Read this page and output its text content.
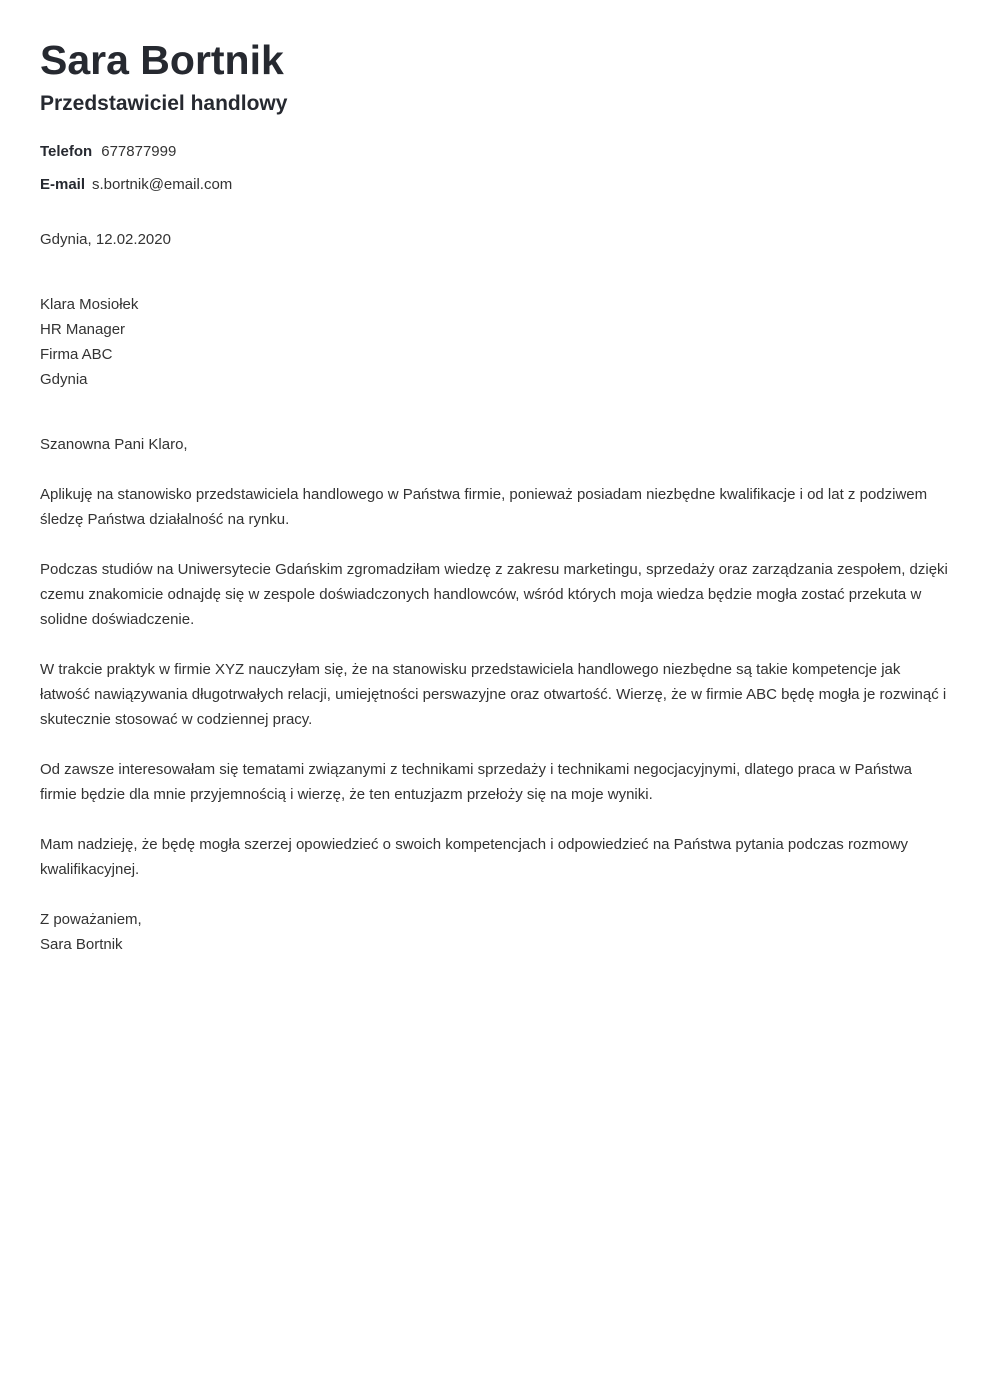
Sara Bortnik
Przedstawiciel handlowy
Telefon 677877999
E-mail s.bortnik@email.com
Gdynia, 12.02.2020
Klara Mosiołek
HR Manager
Firma ABC
Gdynia

Szanowna Pani Klaro,

Aplikuję na stanowisko przedstawiciela handlowego w Państwa firmie, ponieważ posiadam niezbędne kwalifikacje i od lat z podziwem śledzę Państwa działalność na rynku.

Podczas studiów na Uniwersytecie Gdańskim zgromadziłam wiedzę z zakresu marketingu, sprzedaży oraz zarządzania zespołem, dzięki czemu znakomicie odnajdę się w zespole doświadczonych handlowców, wśród których moja wiedza będzie mogła zostać przekuta w solidne doświadczenie.

W trakcie praktyk w firmie XYZ nauczyłam się, że na stanowisku przedstawiciela handlowego niezbędne są takie kompetencje jak łatwość nawiązywania długotrwałych relacji, umiejętności perswazyjne oraz otwartość. Wierzę, że w firmie ABC będę mogła je rozwinąć i skutecznie stosować w codziennej pracy.

Od zawsze interesowałam się tematami związanymi z technikami sprzedaży i technikami negocjacyjnymi, dlatego praca w Państwa firmie będzie dla mnie przyjemnością i wierzę, że ten entuzjazm przełoży się na moje wyniki.

Mam nadzieję, że będę mogła szerzej opowiedzieć o swoich kompetencjach i odpowiedzieć na Państwa pytania podczas rozmowy kwalifikacyjnej.

Z poważaniem,
Sara Bortnik
